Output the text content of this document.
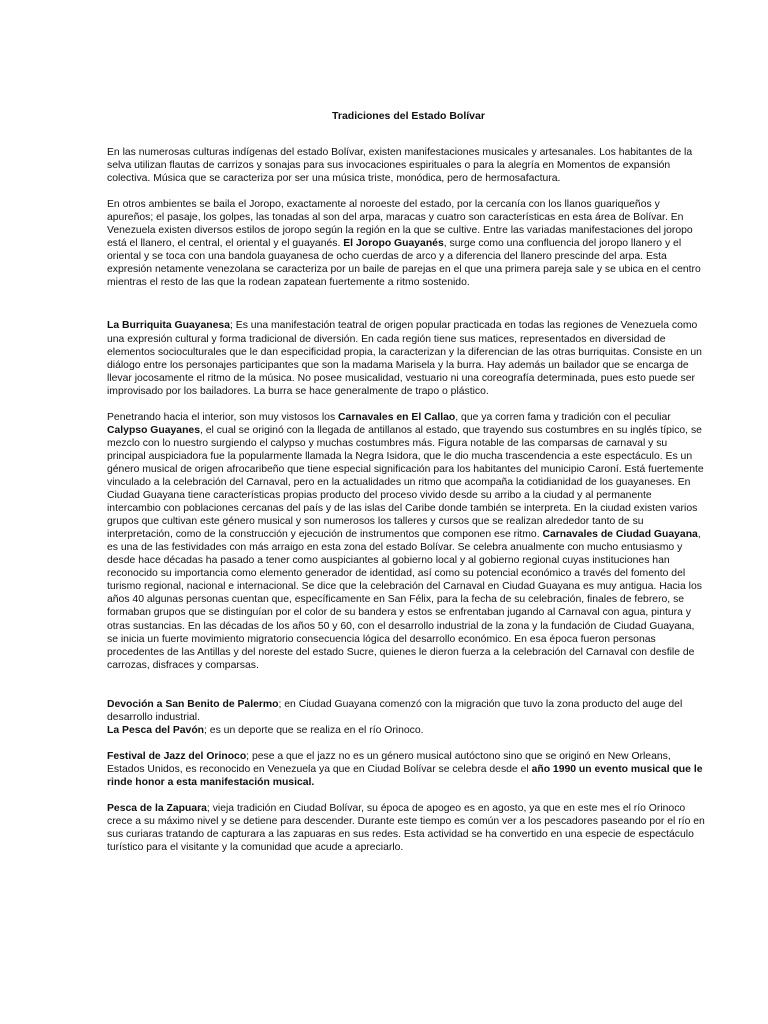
Tradiciones del Estado Bolívar

En las numerosas culturas indígenas del estado Bolívar, existen manifestaciones musicales y artesanales. Los habitantes de la selva utilizan flautas de carrizos y sonajas para sus invocaciones espirituales o para la alegría en Momentos de expansión colectiva. Música que se caracteriza por ser una música triste, monódica, pero de hermosafactura.

En otros ambientes se baila el Joropo, exactamente al noroeste del estado, por la cercanía con los llanos guariqueños y apureños; el pasaje, los golpes, las tonadas al son del arpa, maracas y cuatro son características en esta área de Bolívar. En Venezuela existen diversos estilos de joropo según la región en la que se cultive. Entre las variadas manifestaciones del joropo está el llanero, el central, el oriental y el guayanés. El Joropo Guayanés, surge como una confluencia del joropo llanero y el oriental y se toca con una bandola guayanesa de ocho cuerdas de arco y a diferencia del llanero prescinde del arpa. Esta expresión netamente venezolana se caracteriza por un baile de parejas en el que una primera pareja sale y se ubica en el centro mientras el resto de las que la rodean zapatean fuertemente a ritmo sostenido.

La Burriquita Guayanesa; Es una manifestación teatral de origen popular practicada en todas las regiones de Venezuela como una expresión cultural y forma tradicional de diversión. En cada región tiene sus matices, representados en diversidad de elementos socioculturales que le dan especificidad propia, la caracterizan y la diferencian de las otras burriquitas. Consiste en un diálogo entre los personajes participantes que son la madama Marisela y la burra. Hay además un bailador que se encarga de llevar jocosamente el ritmo de la música. No posee musicalidad, vestuario ni una coreografía determinada, pues esto puede ser improvisado por los bailadores. La burra se hace generalmente de trapo o plástico.

Penetrando hacia el interior, son muy vistosos los Carnavales en El Callao, que ya corren fama y tradición con el peculiar Calypso Guayanes, el cual se originó con la llegada de antillanos al estado, que trayendo sus costumbres en su inglés típico, se mezclo con lo nuestro surgiendo el calypso y muchas costumbres más. Figura notable de las comparsas de carnaval y su principal auspiciadora fue la popularmente llamada la Negra Isidora, que le dio mucha trascendencia a este espectáculo. Es un género musical de origen afrocaribeño que tiene especial significación para los habitantes del municipio Caroní. Está fuertemente vinculado a la celebración del Carnaval, pero en la actualidades un ritmo que acompaña la cotidianidad de los guayaneses. En Ciudad Guayana tiene características propias producto del proceso vivido desde su arribo a la ciudad y al permanente intercambio con poblaciones cercanas del país y de las islas del Caribe donde también se interpreta. En la ciudad existen varios grupos que cultivan este género musical y son numerosos los talleres y cursos que se realizan alrededor tanto de su interpretación, como de la construcción y ejecución de instrumentos que componen ese ritmo. Carnavales de Ciudad Guayana, es una de las festividades con más arraigo en esta zona del estado Bolívar. Se celebra anualmente con mucho entusiasmo y desde hace décadas ha pasado a tener como auspiciantes al gobierno local y al gobierno regional cuyas instituciones han reconocido su importancia como elemento generador de identidad, así como su potencial económico a través del fomento del turismo regional, nacional e internacional. Se dice que la celebración del Carnaval en Ciudad Guayana es muy antigua. Hacia los años 40 algunas personas cuentan que, específicamente en San Félix, para la fecha de su celebración, finales de febrero, se formaban grupos que se distinguían por el color de su bandera y estos se enfrentaban jugando al Carnaval con agua, pintura y otras sustancias. En las décadas de los años 50 y 60, con el desarrollo industrial de la zona y la fundación de Ciudad Guayana, se inicia un fuerte movimiento migratorio consecuencia lógica del desarrollo económico. En esa época fueron personas procedentes de las Antillas y del noreste del estado Sucre, quienes le dieron fuerza a la celebración del Carnaval con desfile de carrozas, disfraces y comparsas.

Devoción a San Benito de Palermo; en Ciudad Guayana comenzó con la migración que tuvo la zona producto del auge del desarrollo industrial.
La Pesca del Pavón; es un deporte que se realiza en el río Orinoco.

Festival de Jazz del Orinoco; pese a que el jazz no es un género musical autóctono sino que se originó en New Orleans, Estados Unidos, es reconocido en Venezuela ya que en Ciudad Bolívar se celebra desde el año 1990 un evento musical que le rinde honor a esta manifestación musical.

Pesca de la Zapuara; vieja tradición en Ciudad Bolívar, su época de apogeo es en agosto, ya que en este mes el río Orinoco crece a su máximo nivel y se detiene para descender. Durante este tiempo es común ver a los pescadores paseando por el río en sus curiaras tratando de capturara a las zapuaras en sus redes. Esta actividad se ha convertido en una especie de espectáculo turístico para el visitante y la comunidad que acude a apreciarlo.
